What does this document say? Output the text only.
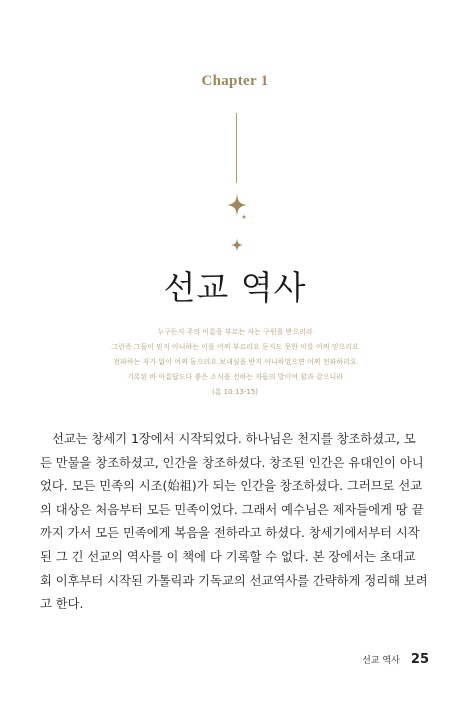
Chapter 1
선교 역사
누구든지 주의 이름을 부르는 자는 구원을 받으리라
그런즉 그들이 믿지 아니하는 이를 어찌 부르리요 듣지도 못한 이를 어찌 믿으리요
전파하는 자가 없이 어찌 들으리요 보내심을 받지 아니하였으면 어찌 전파하리요
기록된 바 아름답도다 좋은 소식을 전하는 자들의 발이여 함과 같으니라
(롬 10:13-15)
선교는 창세기 1장에서 시작되었다. 하나님은 천지를 창조하셨고, 모
든 만물을 창조하셨고, 인간을 창조하셨다. 창조된 인간은 유대인이 아니
었다. 모든 민족의 시조(始祖)가 되는 인간을 창조하셨다. 그러므로 선교
의 대상은 처음부터 모든 민족이었다. 그래서 예수님은 제자들에게 땅 끝
까지 가서 모든 민족에게 복음을 전하라고 하셨다. 창세기에서부터 시작
된 그 긴 선교의 역사를 이 책에 다 기록할 수 없다. 본 장에서는 초대교
회 이후부터 시작된 가톨릭과 기독교의 선교역사를 간략하게 정리해 보려
고 한다.
선교 역사 25
